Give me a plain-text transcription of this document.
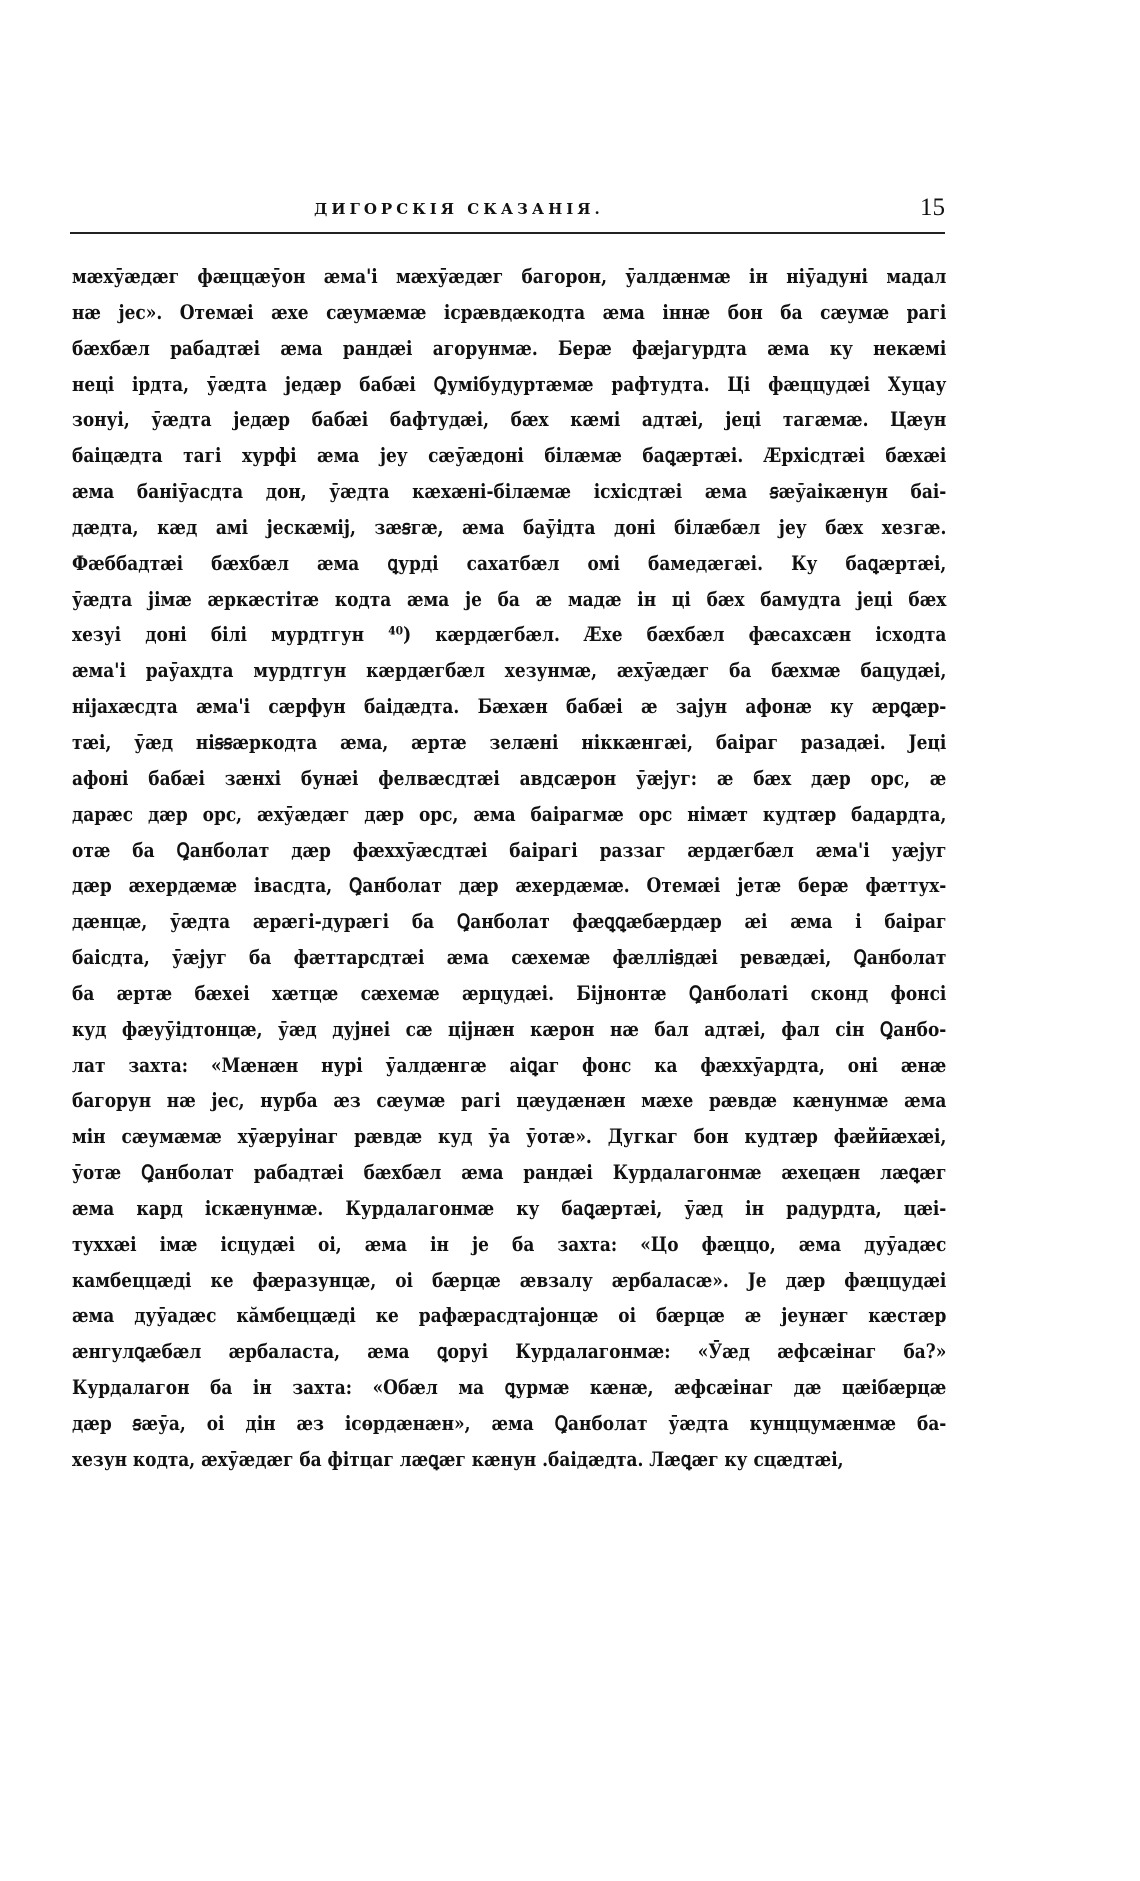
ДИГОРСКІЯ СКАЗАНІЯ.	15
мæхӯæдæг фæццæӯон æма'і мæхӯæдæг багорон, ӯалдæнмæ ін ніӯадуні мадал
нæ jес». Отемæі æхе сæумæмæ ісрæвдæкодта æма іннæ бон ба сæумæ рагі
бæхбæл рабадтæі æма рандæі агорунмæ. Берæ фæjагурдта æма ку некæмі
неці ірдта, ӯæдта jедæр бабæі Ꝗумібудуртæмæ рафтудта. Ці фæццудæі Хуцау
зонуі, ӯæдта jедæр бабæі бафтудæі, бæх кæмі адтæі, jеці тагæмæ. Цæун
баіцæдта тагі хурфі æма jеу сæӯæдоні білæмæ баꝗæртæі. Æрхісдтæі бæхæі
æма баніӯасдта дон, ӯæдта кæхæні-білæмæ ісхісдтæі æма ꞩæӯаікæнун баі-
дæдта, кæд амі jескæмij, зæꞩгæ, æма баӯідта доні білæбæл jеу бæх хезгæ.
Фæббадтæі бæхбæл æма ꝗурді сахатбæл омі бамедæгæі. Ку баꝗæртæі,
ӯæдта jімæ æркæстітæ кодта æма jе ба æ мадæ ін ці бæх бамудта jеці бæх
хезуі доні білі мурдтгун ⁴⁰) кæрдæгбæл. Æхе бæхбæл фæсахсæн ісходта
æма'і раӯахдта мурдтгун кæрдæгбæл хезунмæ, æхӯæдæг ба бæхмæ бацудæі,
ніjахæсдта æма'і сæрфун баідæдта. Бæхæн бабæі æ зajун афонæ ку æрꝗæр-
тæі, ӯæд ніꞩꞩæркодта æма, æртæ зелæні ніккæнгæі, баіраг разадæі. Jеці
афоні бабæі зæнхі бунæі фелвæсдтæі авдсæрон ӯæjуг: æ бæх дæр орс, æ
дарæс дæр орс, æхӯæдæг дæр орс, æма баірагмæ орс німæт кудтæр бадардта,
отæ ба Ꝗанболат дæр фæххӯæсдтæі баірагі раззаг æрдæгбæл æма'і уæjуг
дæр æхердæмæ івасдта, Ꝗанболат дæр æхердæмæ. Отемæі jетæ берæ фæттух-
дæнцæ, ӯæдта æрæгі-дурæгі ба Ꝗанболат фæꝗꝗæбæрдæр æі æма і баіраг
баісдта, ӯæjуг ба фæттарсдтæі æма сæхемæ фæлліꞩдæі ревæдæі, Ꝗанболат
ба æртæ бæхеі хæтцæ сæхемæ æрцудæі. Біjнонтæ Ꝗанболаті сконд фонсі
куд фæуӯідтонцæ, ӯæд дуjнеі сæ цijнæн кæрон нæ бал адтæі, фал сін Ꝗанбо-
лат захта: «Мæнæн нурі ӯалдæнгæ аіꝗаг фонс ка фæххӯардта, оні æнæ
багорун нæ jес, нурба æз сæумæ рагі цæудæнæн мæхе рæвдæ кæнунмæ æма
мін сæумæмæ хӯæруінаг рæвдæ куд ӯа ӯотæ». Дугкаг бон кудтæр фæйӣæхæі,
ӯотæ Ꝗанболат рабадтæі бæхбæл æма рандæі Курдалагонмæ æхецæн лæꝗæг
æма кард іскæнунмæ. Курдалагонмæ ку баꝗæртæі, ӯæд ін радурдта, цæі-
туххæі імæ ісцудæі оі, æма ін jе ба захта: «Цо фæццо, æма дуӯадæс
камбеццæді ке фæразунцæ, оі бæрцæ æвзалу æрбаласæ». Jе дæр фæццудæі
æма дуӯадæс кӑмбеццæді ке рафæрасдтаjонцæ оі бæрцæ æ jеунæг кæстæр
æнгулꝗæбæл æрбаласта, æма ꝗоруі Курдалагонмæ: «Ӯæд æфсæінаг ба?»
Курдалагон ба ін захта: «Обæл ма ꝗурмæ кæнæ, æфсæінаг дæ цæібæрцæ
дæр ꞩæӯа, оі дін æз ісɵрдæнæн», æма Ꝗанболат ӯæдта кунццумæнмæ ба-
хезун кодта, æхӯæдæг ба фітцаг лæꝗæг кæнун .баідæдта. Лæꝗæг ку сцæдтæі,
